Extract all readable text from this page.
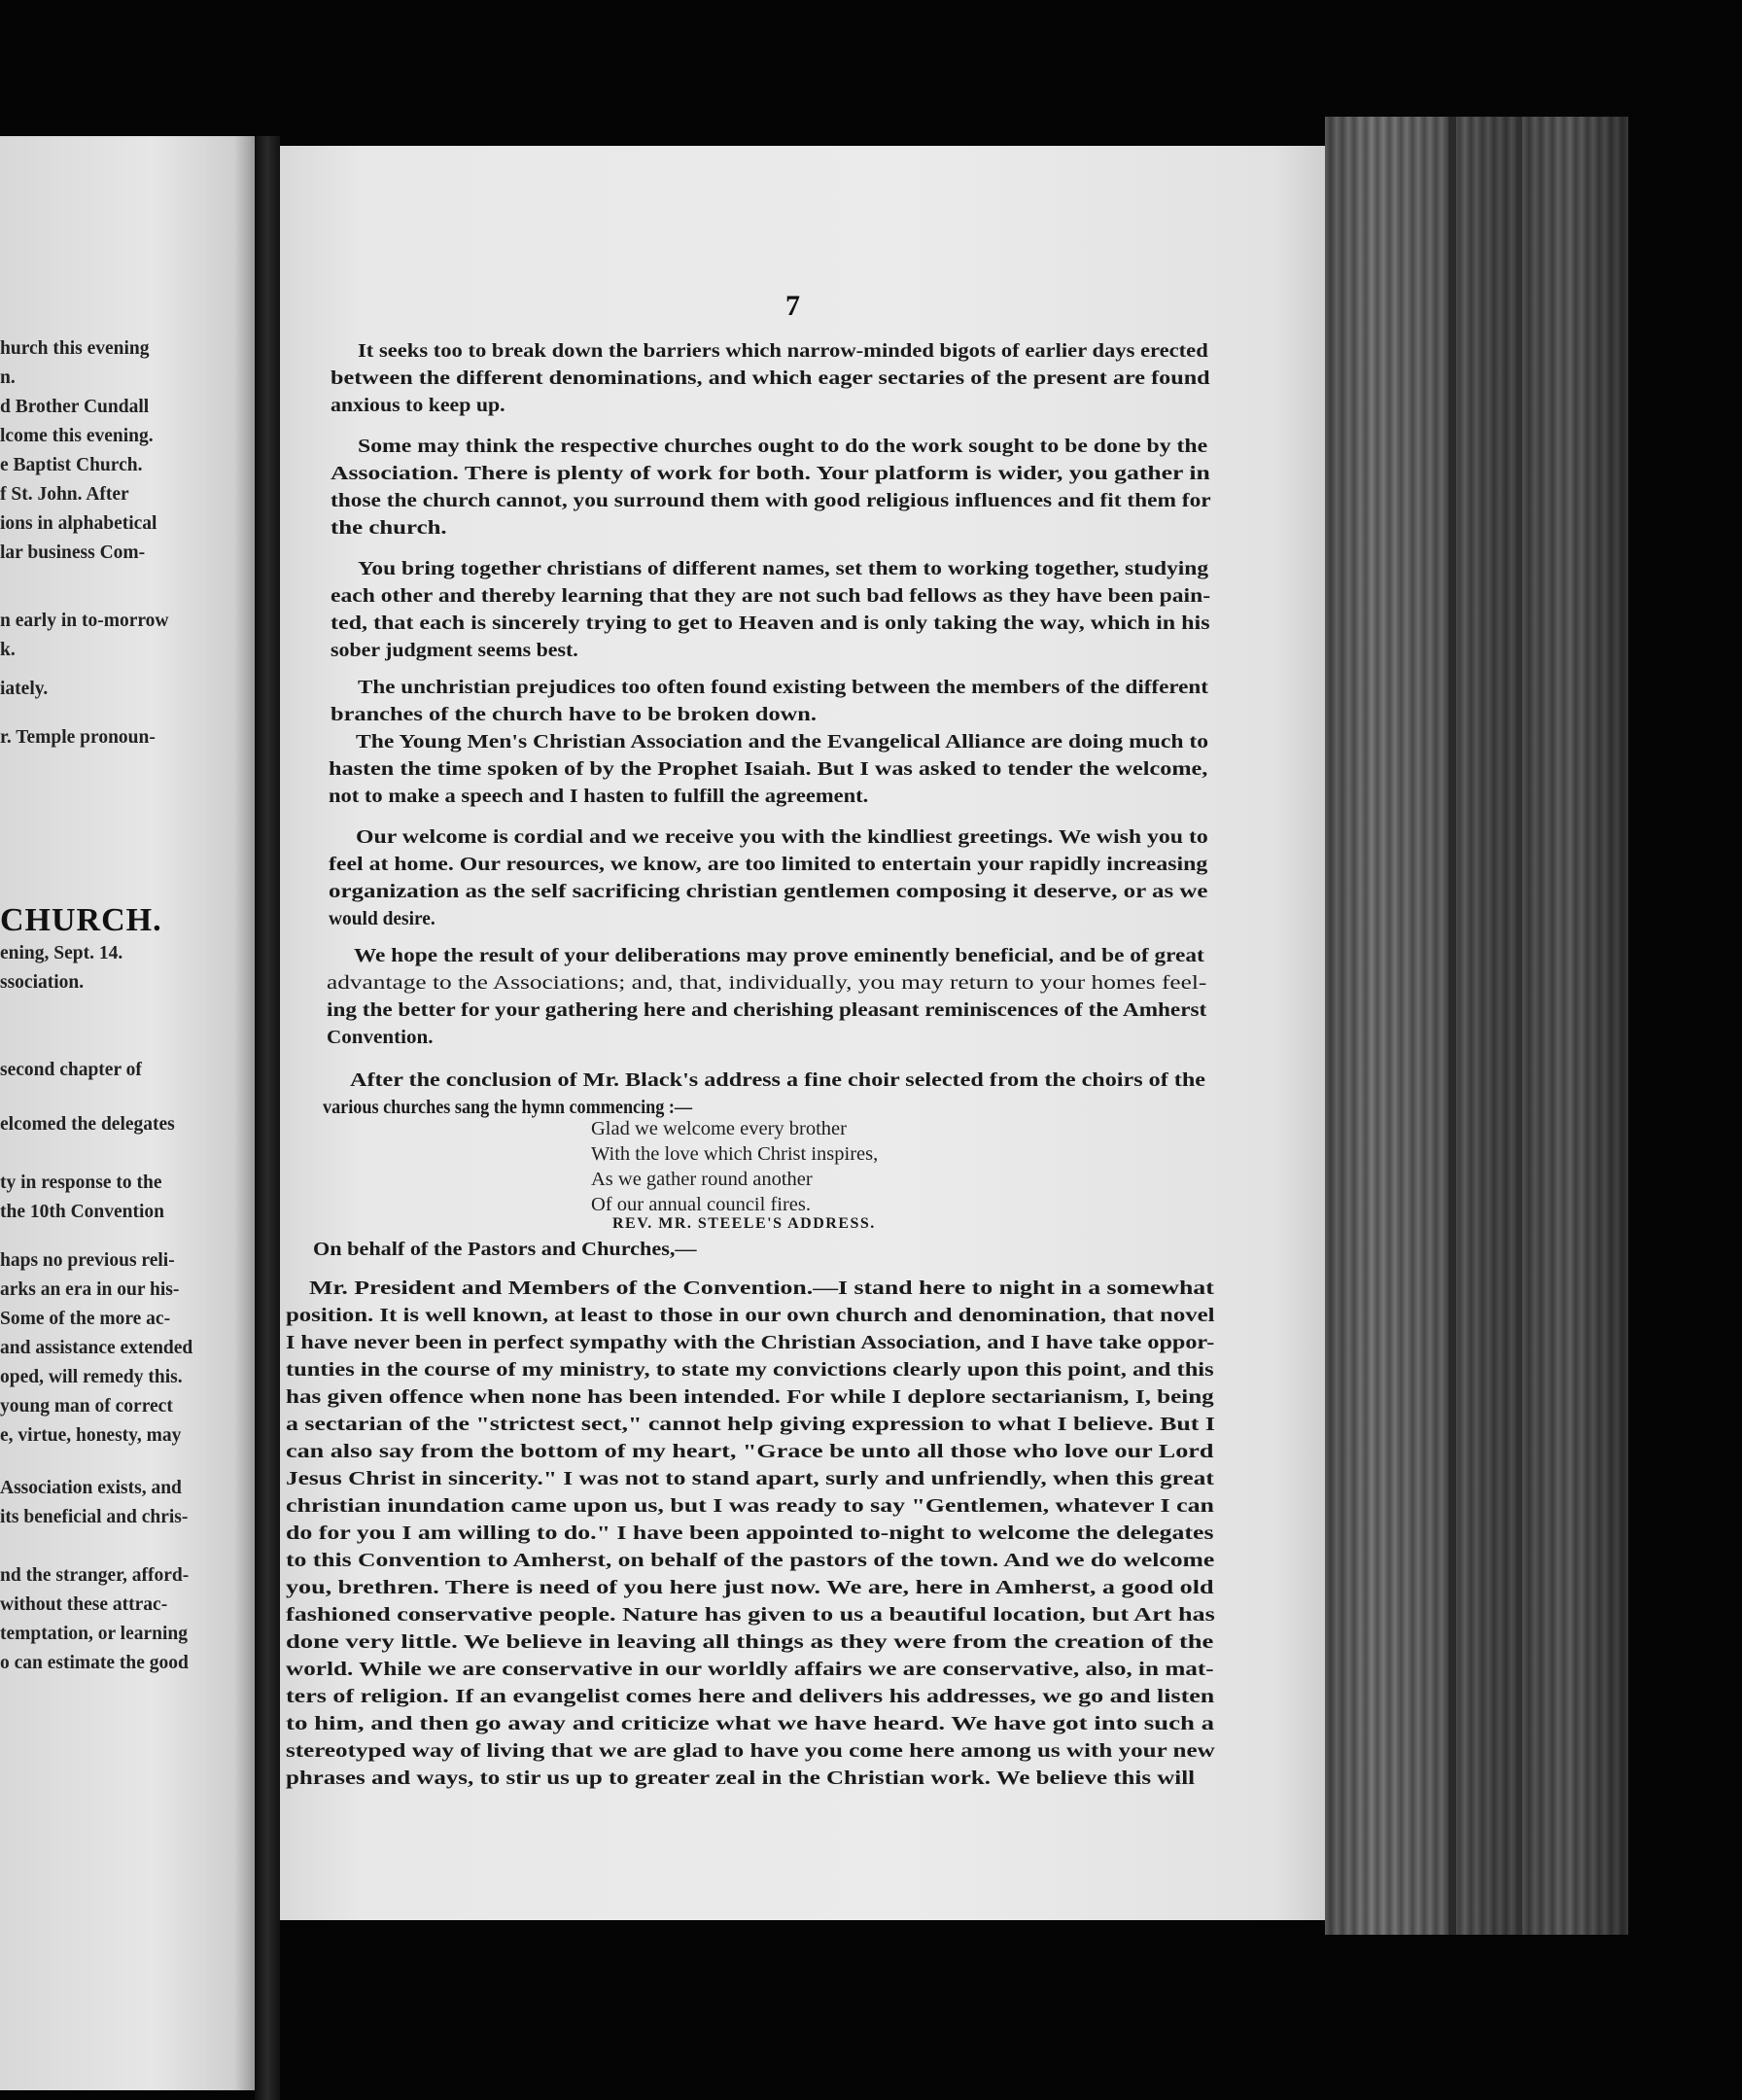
hurch this evening
n.
d Brother Cundall
lcome this evening.
e Baptist Church.
f St. John. After
ions in alphabetical
lar business Com-
n early in to-morrow
k.
iately.
r. Temple pronoun-
CHURCH.
ening, Sept. 14.
ssociation.
second chapter of
elcomed the delegates
ty in response to the
the 10th Convention
haps no previous reli-
arks an era in our his-
Some of the more ac-
and assistance extended
oped, will remedy this.
young man of correct
e, virtue, honesty, may
Association exists, and
its beneficial and chris-
nd the stranger, afford-
without these attrac-
temptation, or learning
o can estimate the good
7
It seeks too to break down the barriers which narrow-minded bigots of earlier days erected
between the different denominations, and which eager sectaries of the present are found
anxious to keep up.
Some may think the respective churches ought to do the work sought to be done by the
Association. There is plenty of work for both. Your platform is wider, you gather in
those the church cannot, you surround them with good religious influences and fit them for
the church.
You bring together christians of different names, set them to working together, studying
each other and thereby learning that they are not such bad fellows as they have been pain-
ted, that each is sincerely trying to get to Heaven and is only taking the way, which in his
sober judgment seems best.
The unchristian prejudices too often found existing between the members of the different
branches of the church have to be broken down.
The Young Men's Christian Association and the Evangelical Alliance are doing much to
hasten the time spoken of by the Prophet Isaiah. But I was asked to tender the welcome,
not to make a speech and I hasten to fulfill the agreement.
Our welcome is cordial and we receive you with the kindliest greetings. We wish you to
feel at home. Our resources, we know, are too limited to entertain your rapidly increasing
organization as the self sacrificing christian gentlemen composing it deserve, or as we
would desire.
We hope the result of your deliberations may prove eminently beneficial, and be of great
advantage to the Associations; and, that, individually, you may return to your homes feel-
ing the better for your gathering here and cherishing pleasant reminiscences of the Amherst
Convention.
After the conclusion of Mr. Black's address a fine choir selected from the choirs of the
various churches sang the hymn commencing :—
Glad we welcome every brother
With the love which Christ inspires,
As we gather round another
Of our annual council fires.
REV. MR. STEELE'S ADDRESS.
On behalf of the Pastors and Churches,—
Mr. President and Members of the Convention.—I stand here to night in a somewhat
position. It is well known, at least to those in our own church and denomination, that novel
I have never been in perfect sympathy with the Christian Association, and I have take oppor-
tunties in the course of my ministry, to state my convictions clearly upon this point, and this
has given offence when none has been intended. For while I deplore sectarianism, I, being
a sectarian of the "strictest sect," cannot help giving expression to what I believe. But I
can also say from the bottom of my heart, "Grace be unto all those who love our Lord
Jesus Christ in sincerity." I was not to stand apart, surly and unfriendly, when this great
christian inundation came upon us, but I was ready to say "Gentlemen, whatever I can
do for you I am willing to do." I have been appointed to-night to welcome the delegates
to this Convention to Amherst, on behalf of the pastors of the town. And we do welcome
you, brethren. There is need of you here just now. We are, here in Amherst, a good old
fashioned conservative people. Nature has given to us a beautiful location, but Art has
done very little. We believe in leaving all things as they were from the creation of the
world. While we are conservative in our worldly affairs we are conservative, also, in mat-
ters of religion. If an evangelist comes here and delivers his addresses, we go and listen
to him, and then go away and criticize what we have heard. We have got into such a
stereotyped way of living that we are glad to have you come here among us with your new
phrases and ways, to stir us up to greater zeal in the Christian work. We believe this will
